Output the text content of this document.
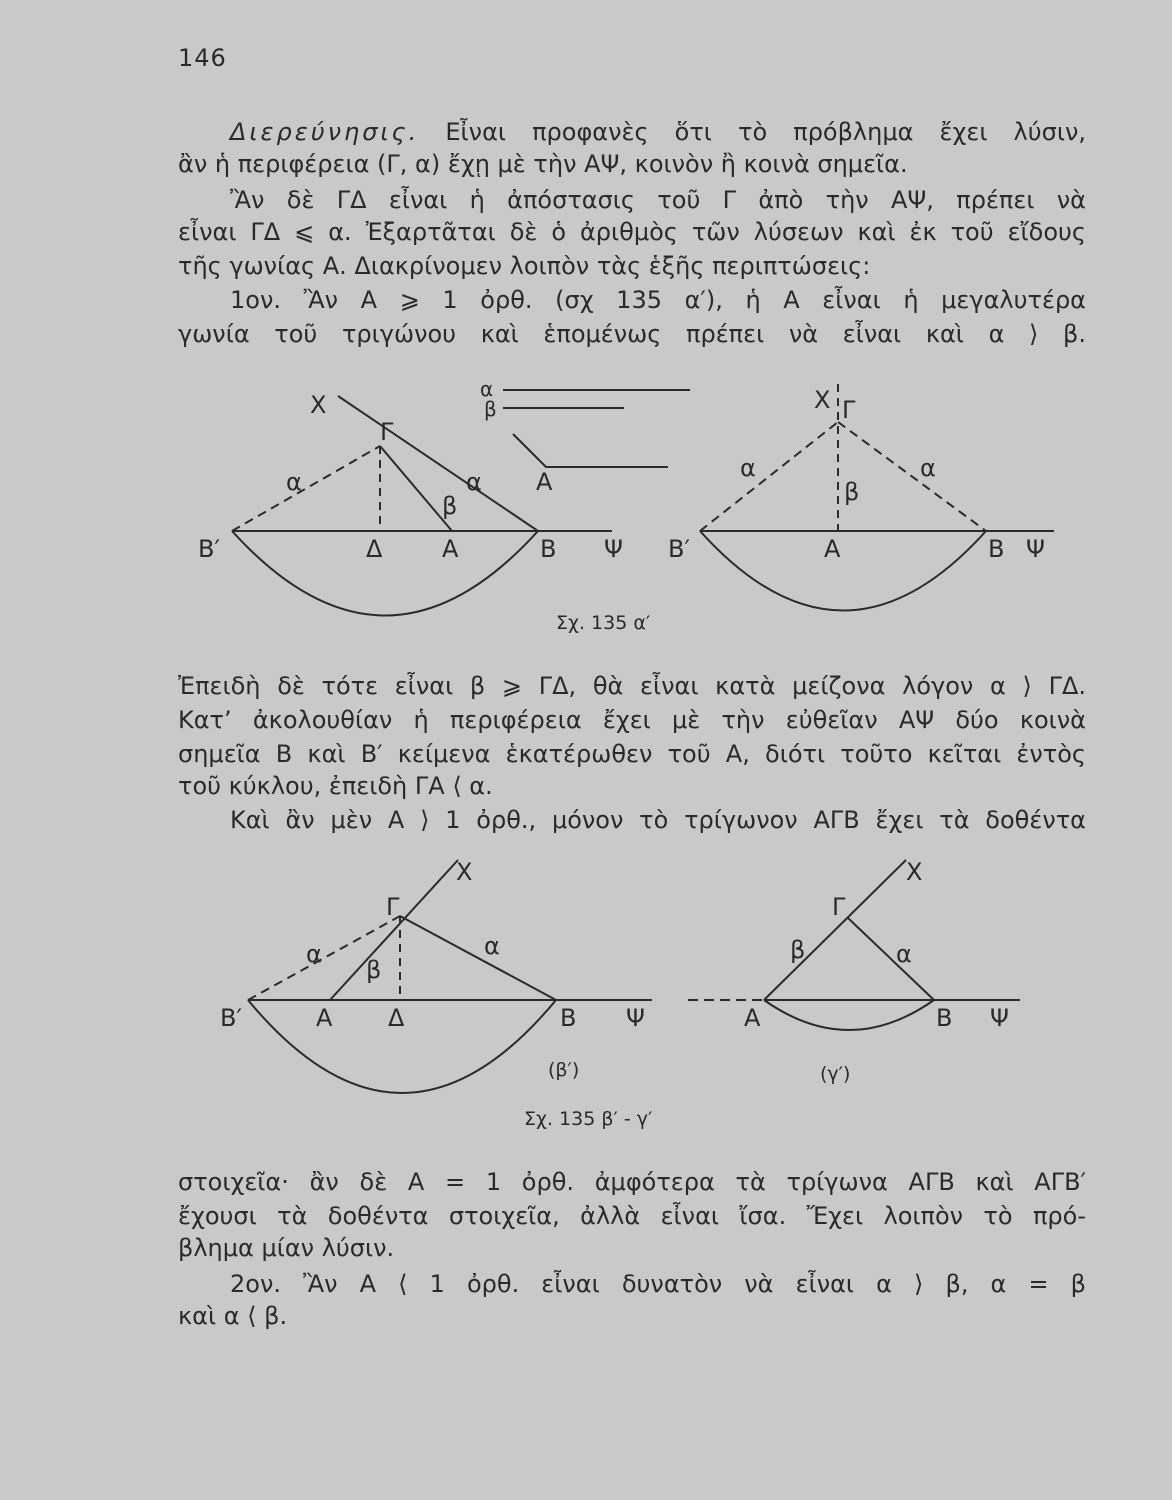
146
Διερεύνησις. Εἶναι προφανὲς ὅτι τὸ πρόβλημα ἔχει λύσιν,
ἂν ἡ περιφέρεια (Γ, α) ἔχῃ μὲ τὴν ΑΨ, κοινὸν ἢ κοινὰ σημεῖα.
Ἂν δὲ ΓΔ εἶναι ἡ ἀπόστασις τοῦ Γ ἀπὸ τὴν ΑΨ, πρέπει νὰ
εἶναι ΓΔ ⩽ α. Ἐξαρτᾶται δὲ ὁ ἀριθμὸς τῶν λύσεων καὶ ἐκ τοῦ εἴδους
τῆς γωνίας Α. Διακρίνομεν λοιπὸν τὰς ἑξῆς περιπτώσεις:
1ον. Ἂν Α ⩾ 1 ὀρθ. (σχ 135 α′), ἡ Α εἶναι ἡ μεγαλυτέρα
γωνία τοῦ τριγώνου καὶ ἑπομένως πρέπει νὰ εἶναι καὶ α ⟩ β.
X
Γ
α	α
β
B′	Δ A	B Ψ
α
β
A
X Γ
α	α
β
B′	A	B Ψ
Σχ. 135 α′
Ἐπειδὴ δὲ τότε εἶναι β ⩾ ΓΔ, θὰ εἶναι κατὰ μείζονα λόγον α ⟩ ΓΔ.
Κατ’ ἀκολουθίαν ἡ περιφέρεια ἔχει μὲ τὴν εὐθεῖαν ΑΨ δύο κοινὰ
σημεῖα Β καὶ Β′ κείμενα ἑκατέρωθεν τοῦ Α, διότι τοῦτο κεῖται ἐντὸς
τοῦ κύκλου, ἐπειδὴ ΓΑ ⟨ α.
Καὶ ἂν μὲν Α ⟩ 1 ὀρθ., μόνον τὸ τρίγωνον ΑΓΒ ἔχει τὰ δοθέντα
X
Γ
α	α
β
B′	A Δ	B Ψ
X
Γ
β	α
A	B Ψ
(β′)	(γ′)
Σχ. 135 β′ - γ′
στοιχεῖα· ἂν δὲ Α = 1 ὀρθ. ἀμφότερα τὰ τρίγωνα ΑΓΒ καὶ ΑΓΒ′
ἔχουσι τὰ δοθέντα στοιχεῖα, ἀλλὰ εἶναι ἴσα. Ἔχει λοιπὸν τὸ πρό-
βλημα μίαν λύσιν.
2ον. Ἂν Α ⟨ 1 ὀρθ. εἶναι δυνατὸν νὰ εἶναι α ⟩ β, α = β
καὶ α ⟨ β.
